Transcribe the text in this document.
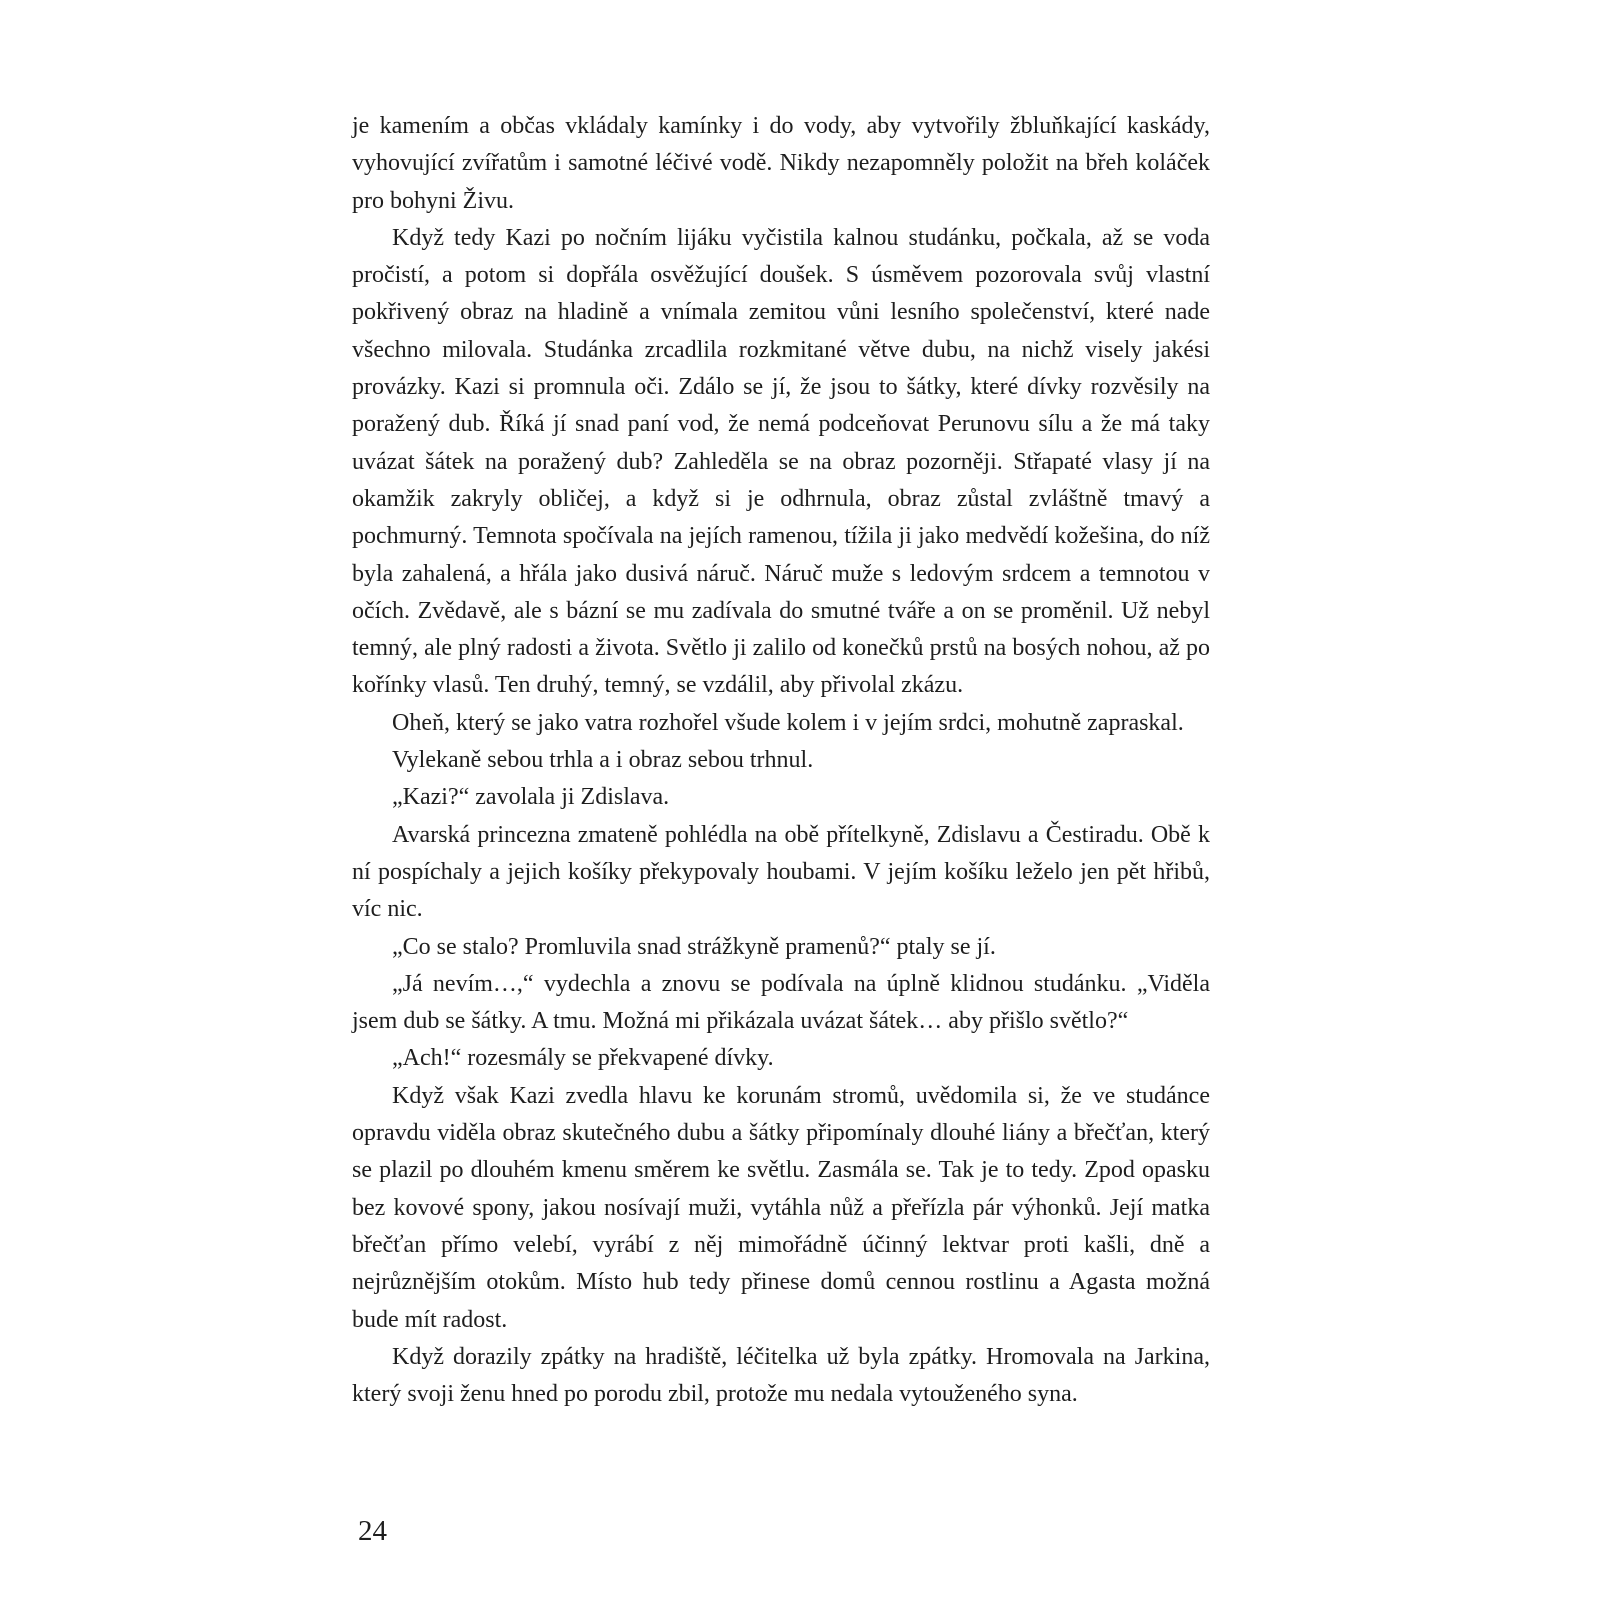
je kamením a občas vkládaly kamínky i do vody, aby vytvořily žbluňkající kaskády, vyhovující zvířatům i samotné léčivé vodě. Nikdy nezapomněly položit na břeh koláček pro bohyni Živu.

Když tedy Kazi po nočním lijáku vyčistila kalnou studánku, počkala, až se voda pročistí, a potom si dopřála osvěžující doušek. S úsměvem pozorovala svůj vlastní pokřivený obraz na hladině a vnímala zemitou vůni lesního společenství, které nade všechno milovala. Studánka zrcadlila rozkmitané větve dubu, na nichž visely jakési provázky. Kazi si promnula oči. Zdálo se jí, že jsou to šátky, které dívky rozvěsily na poražený dub. Říká jí snad paní vod, že nemá podceňovat Perunovu sílu a že má taky uvázat šátek na poražený dub? Zahleděla se na obraz pozorněji. Střapaté vlasy jí na okamžik zakryly obličej, a když si je odhrnula, obraz zůstal zvláštně tmavý a pochmurný. Temnota spočívala na jejích ramenou, tížila ji jako medvědí kožešina, do níž byla zahalená, a hřála jako dusivá náruč. Náruč muže s ledovým srdcem a temnotou v očích. Zvědavě, ale s bázní se mu zadívala do smutné tváře a on se proměnil. Už nebyl temný, ale plný radosti a života. Světlo ji zalilo od konečků prstů na bosých nohou, až po kořínky vlasů. Ten druhý, temný, se vzdálil, aby přivolal zkázu.

Oheň, který se jako vatra rozhořel všude kolem i v jejím srdci, mohutně zapraskal.

Vylekaně sebou trhla a i obraz sebou trhnul.

„Kazi?“ zavolala ji Zdislava.

Avarská princezna zmateně pohlédla na obě přítelkyně, Zdislavu a Čestiradu. Obě k ní pospíchaly a jejich košíky překypovaly houbami. V jejím košíku leželo jen pět hřibů, víc nic.

„Co se stalo? Promluvila snad strážkyně pramenů?“ ptaly se jí.

„Já nevím…,“ vydechla a znovu se podívala na úplně klidnou studánku. „Viděla jsem dub se šátky. A tmu. Možná mi přikázala uvázat šátek… aby přišlo světlo?“

„Ach!“ rozesmály se překvapené dívky.

Když však Kazi zvedla hlavu ke korunám stromů, uvědomila si, že ve studánce opravdu viděla obraz skutečného dubu a šátky připomínaly dlouhé liány a břečťan, který se plazil po dlouhém kmenu směrem ke světlu. Zasmála se. Tak je to tedy. Zpod opasku bez kovové spony, jakou nosívají muži, vytáhla nůž a přeřízla pár výhonků. Její matka břečťan přímo velebí, vyrábí z něj mimořádně účinný lektvar proti kašli, dně a nejrůznějším otokům. Místo hub tedy přinese domů cennou rostlinu a Agasta možná bude mít radost.

Když dorazily zpátky na hradiště, léčitelka už byla zpátky. Hromovala na Jarkina, který svoji ženu hned po porodu zbil, protože mu nedala vytouženého syna.

24
